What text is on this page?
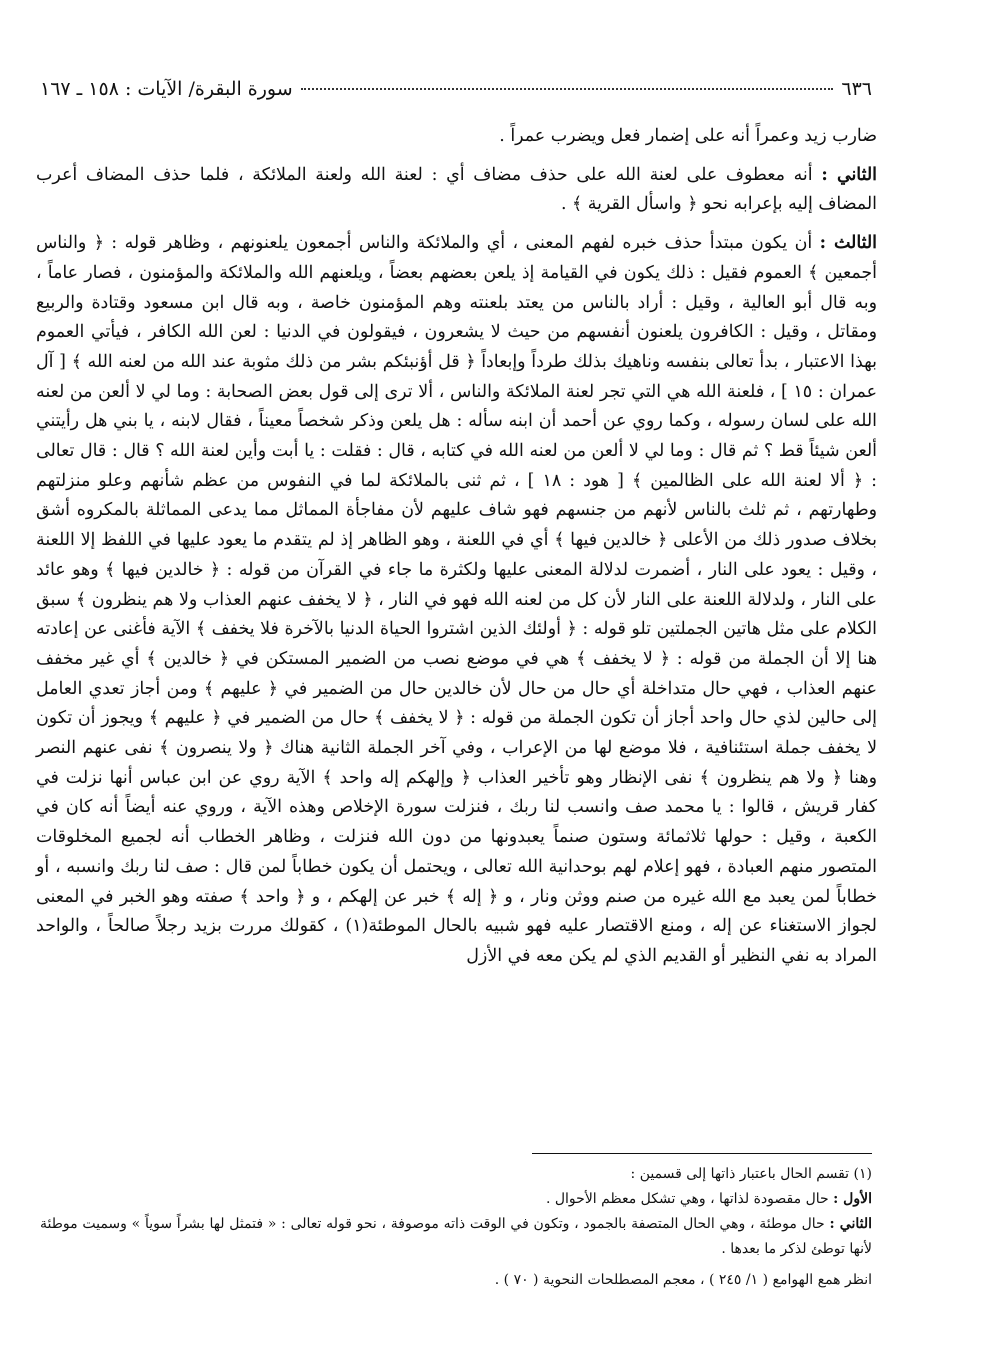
٦٣٦
سورة البقرة/ الآيات : ١٥٨ ـ ١٦٧

ضارب زيد وعمراً أنه على إضمار فعل ويضرب عمراً .

الثاني : أنه معطوف على لعنة الله على حذف مضاف أي : لعنة الله ولعنة الملائكة ، فلما حذف المضاف أعرب المضاف إليه بإعرابه نحو ﴿ واسأل القرية ﴾ .

الثالث : أن يكون مبتدأ حذف خبره لفهم المعنى ، أي والملائكة والناس أجمعون يلعنونهم ، وظاهر قوله : ﴿ والناس أجمعين ﴾ العموم فقيل : ذلك يكون في القيامة إذ يلعن بعضهم بعضاً ، ويلعنهم الله والملائكة والمؤمنون ، فصار عاماً ، وبه قال أبو العالية ، وقيل : أراد بالناس من يعتد بلعنته وهم المؤمنون خاصة ، وبه قال ابن مسعود وقتادة والربيع ومقاتل ، وقيل : الكافرون يلعنون أنفسهم من حيث لا يشعرون ، فيقولون في الدنيا : لعن الله الكافر ، فيأتي العموم بهذا الاعتبار ، بدأ تعالى بنفسه وناهيك بذلك طرداً وإبعاداً ﴿ قل أؤنبئكم بشر من ذلك مثوبة عند الله من لعنه الله ﴾ [ آل عمران : ١٥ ] ، فلعنة الله هي التي تجر لعنة الملائكة والناس ، ألا ترى إلى قول بعض الصحابة : وما لي لا ألعن من لعنه الله على لسان رسوله ، وكما روي عن أحمد أن ابنه سأله : هل يلعن وذكر شخصاً معيناً ، فقال لابنه ، يا بني هل رأيتني ألعن شيئاً قط ؟ ثم قال : وما لي لا ألعن من لعنه الله في كتابه ، قال : فقلت : يا أبت وأين لعنة الله ؟ قال : قال تعالى : ﴿ ألا لعنة الله على الظالمين ﴾ [ هود : ١٨ ] ، ثم ثنى بالملائكة لما في النفوس من عظم شأنهم وعلو منزلتهم وطهارتهم ، ثم ثلث بالناس لأنهم من جنسهم فهو شاف عليهم لأن مفاجأة المماثل مما يدعى المماثلة بالمكروه أشق بخلاف صدور ذلك من الأعلى ﴿ خالدين فيها ﴾ أي في اللعنة ، وهو الظاهر إذ لم يتقدم ما يعود عليها في اللفظ إلا اللعنة ، وقيل : يعود على النار ، أضمرت لدلالة المعنى عليها ولكثرة ما جاء في القرآن من قوله : ﴿ خالدين فيها ﴾ وهو عائد على النار ، ولدلالة اللعنة على النار لأن كل من لعنه الله فهو في النار ، ﴿ لا يخفف عنهم العذاب ولا هم ينظرون ﴾ سبق الكلام على مثل هاتين الجملتين تلو قوله : ﴿ أولئك الذين اشتروا الحياة الدنيا بالآخرة فلا يخفف ﴾ الآية فأغنى عن إعادته هنا إلا أن الجملة من قوله : ﴿ لا يخفف ﴾ هي في موضع نصب من الضمير المستكن في ﴿ خالدين ﴾ أي غير مخفف عنهم العذاب ، فهي حال متداخلة أي حال من حال لأن خالدين حال من الضمير في ﴿ عليهم ﴾ ومن أجاز تعدي العامل إلى حالين لذي حال واحد أجاز أن تكون الجملة من قوله : ﴿ لا يخفف ﴾ حال من الضمير في ﴿ عليهم ﴾ ويجوز أن تكون لا يخفف جملة استئنافية ، فلا موضع لها من الإعراب ، وفي آخر الجملة الثانية هناك ﴿ ولا ينصرون ﴾ نفى عنهم النصر وهنا ﴿ ولا هم ينظرون ﴾ نفى الإنظار وهو تأخير العذاب ﴿ وإلهكم إله واحد ﴾ الآية روي عن ابن عباس أنها نزلت في كفار قريش ، قالوا : يا محمد صف وانسب لنا ربك ، فنزلت سورة الإخلاص وهذه الآية ، وروي عنه أيضاً أنه كان في الكعبة ، وقيل : حولها ثلاثمائة وستون صنماً يعبدونها من دون الله فنزلت ، وظاهر الخطاب أنه لجميع المخلوقات المتصور منهم العبادة ، فهو إعلام لهم بوحدانية الله تعالى ، ويحتمل أن يكون خطاباً لمن قال : صف لنا ربك وانسبه ، أو خطاباً لمن يعبد مع الله غيره من صنم ووثن ونار ، و ﴿ إله ﴾ خبر عن إلهكم ، و ﴿ واحد ﴾ صفته وهو الخبر في المعنى لجواز الاستغناء عن إله ، ومنع الاقتصار عليه فهو شبيه بالحال الموطئة(١) ، كقولك مررت بزيد رجلاً صالحاً ، والواحد المراد به نفي النظير أو القديم الذي لم يكن معه في الأزل

(١) تقسم الحال باعتبار ذاتها إلى قسمين :

الأول : حال مقصودة لذاتها ، وهي تشكل معظم الأحوال .

الثاني : حال موطئة ، وهي الحال المتصفة بالجمود ، وتكون في الوقت ذاته موصوفة ، نحو قوله تعالى : « فتمثل لها بشراً سوياً » وسميت موطئة لأنها توطئ لذكر ما بعدها .

انظر همع الهوامع ( ١/ ٢٤٥ ) ، معجم المصطلحات النحوية ( ٧٠ ) .
